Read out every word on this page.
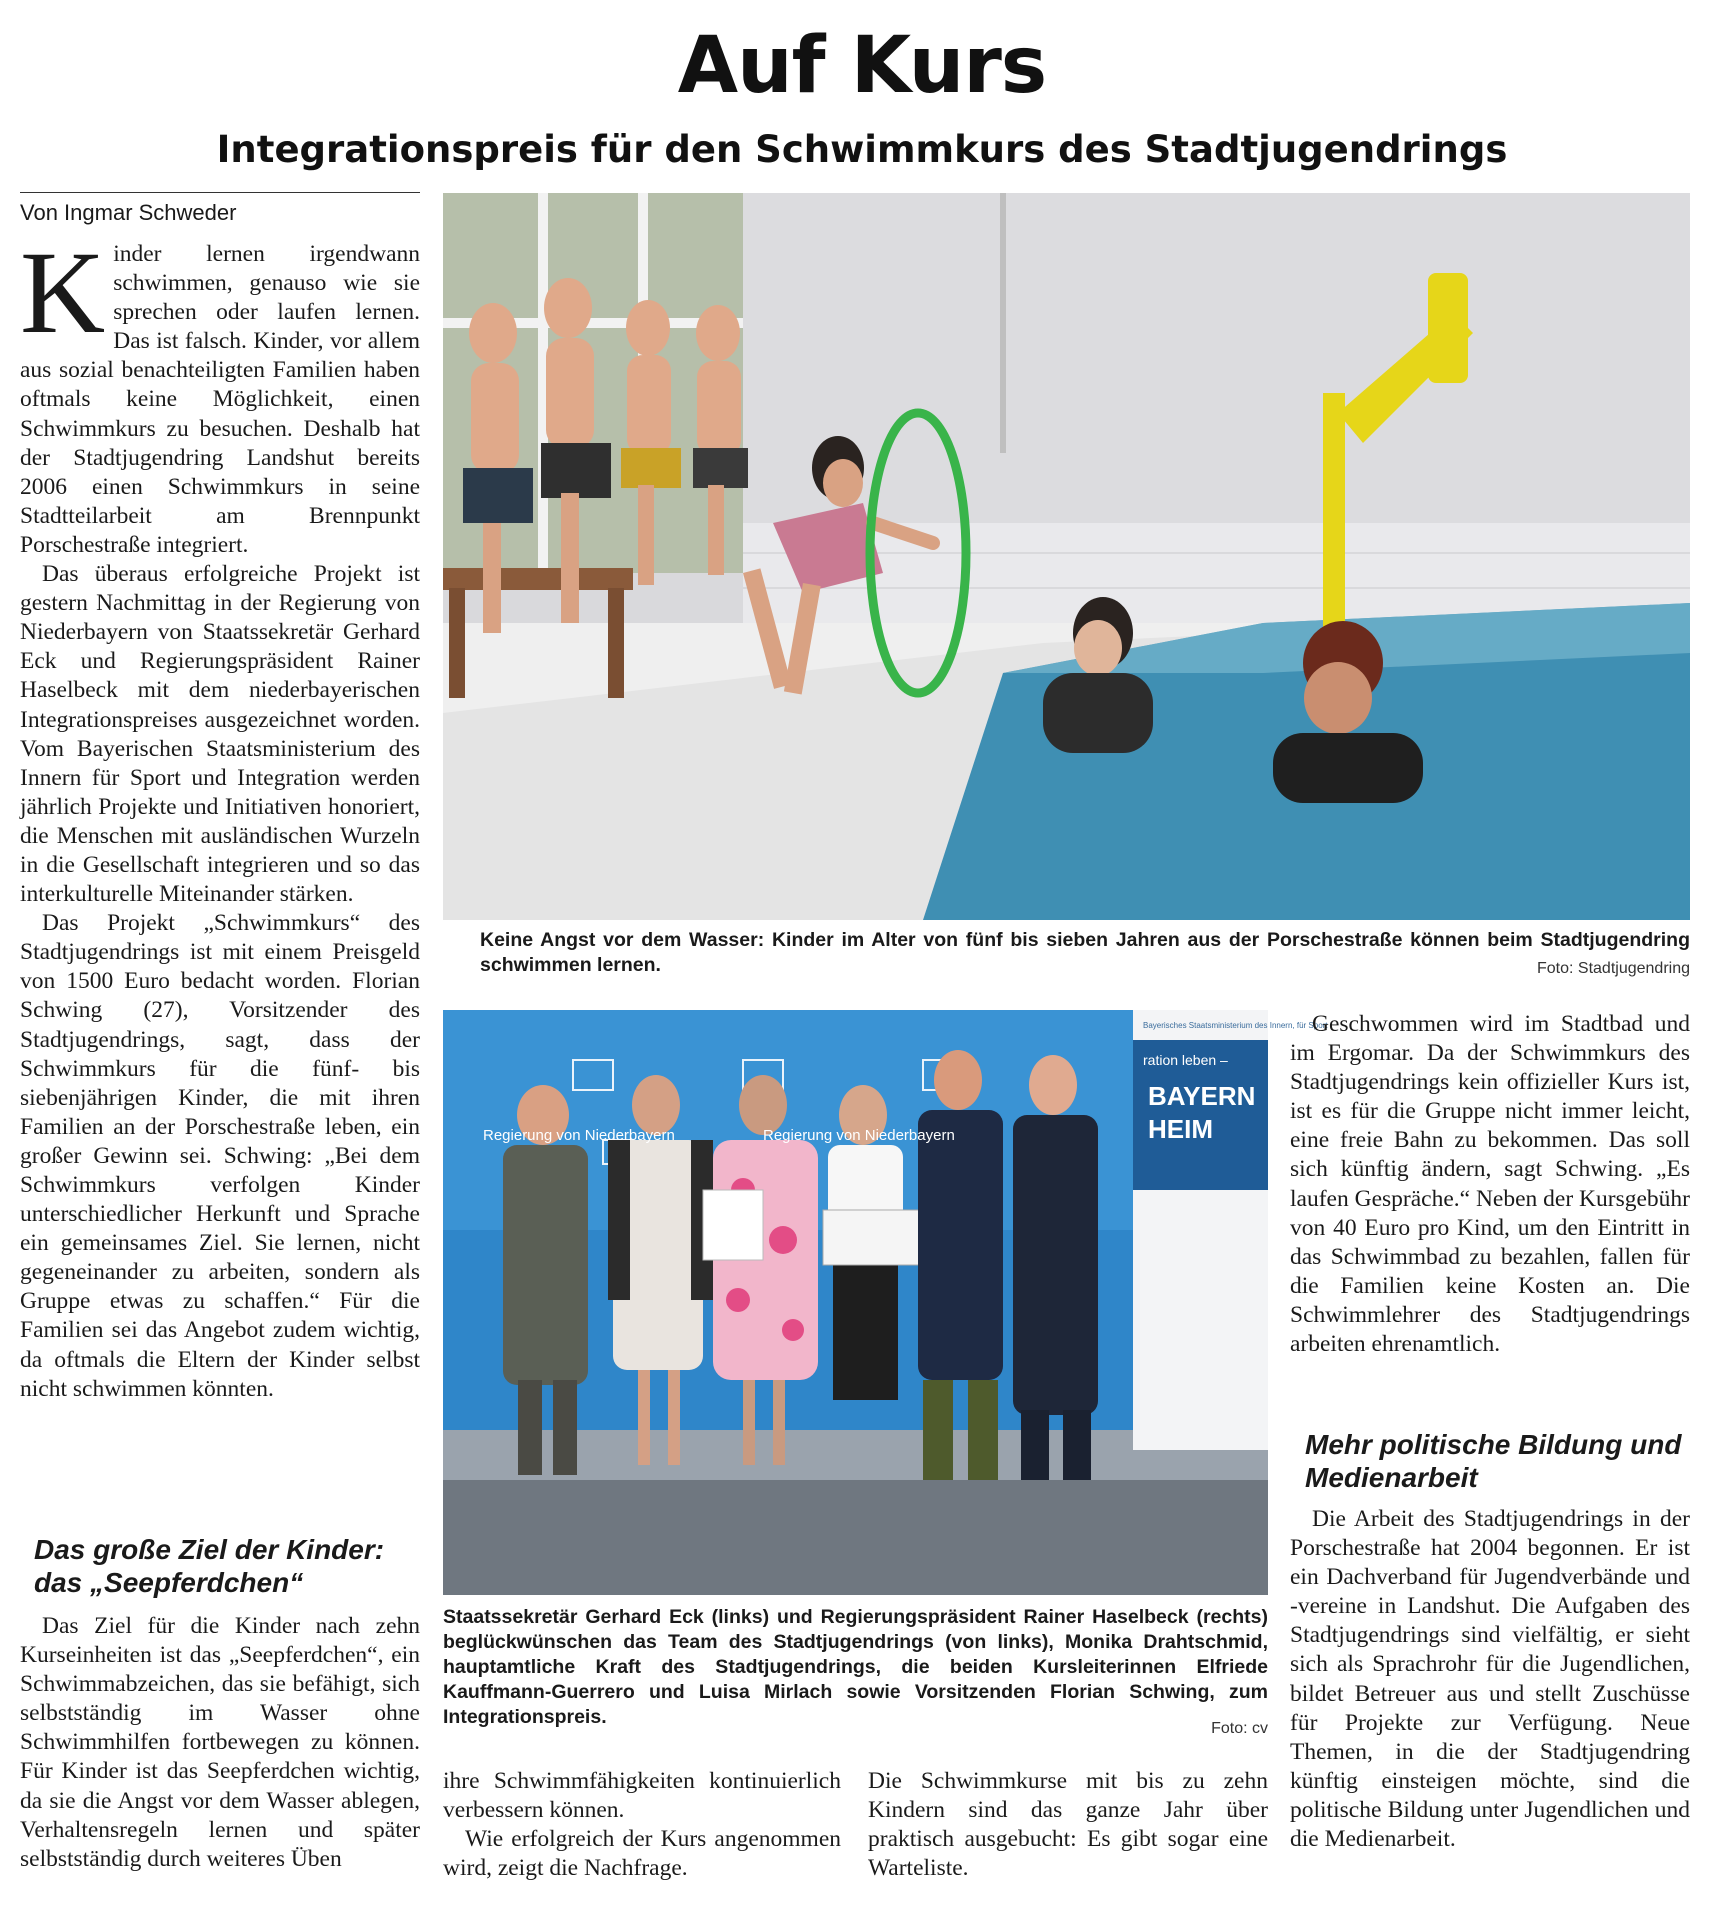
Auf Kurs
Integrationspreis für den Schwimmkurs des Stadtjugendrings
Von Ingmar Schweder

Kinder lernen irgendwann schwimmen, genauso wie sie sprechen oder laufen lernen. Das ist falsch. Kinder, vor allem aus sozial benachteiligten Familien haben oftmals keine Möglichkeit, einen Schwimmkurs zu besuchen. Deshalb hat der Stadtjugendring Landshut bereits 2006 einen Schwimmkurs in seine Stadtteilarbeit am Brennpunkt Porschestraße integriert.

Das überaus erfolgreiche Projekt ist gestern Nachmittag in der Regierung von Niederbayern von Staatssekretär Gerhard Eck und Regierungspräsident Rainer Haselbeck mit dem niederbayerischen Integrationspreises ausgezeichnet worden. Vom Bayerischen Staatsministerium des Innern für Sport und Integration werden jährlich Projekte und Initiativen honoriert, die Menschen mit ausländischen Wurzeln in die Gesellschaft integrieren und so das interkulturelle Miteinander stärken.

Das Projekt „Schwimmkurs“ des Stadtjugendrings ist mit einem Preisgeld von 1500 Euro bedacht worden. Florian Schwing (27), Vorsitzender des Stadtjugendrings, sagt, dass der Schwimmkurs für die fünf- bis siebenjährigen Kinder, die mit ihren Familien an der Porschestraße leben, ein großer Gewinn sei. Schwing: „Bei dem Schwimmkurs verfolgen Kinder unterschiedlicher Herkunft und Sprache ein gemeinsames Ziel. Sie lernen, nicht gegeneinander zu arbeiten, sondern als Gruppe etwas zu schaffen.“ Für die Familien sei das Angebot zudem wichtig, da oftmals die Eltern der Kinder selbst nicht schwimmen könnten.

Das große Ziel der Kinder: das „Seepferdchen“

Das Ziel für die Kinder nach zehn Kurseinheiten ist das „Seepferdchen“, ein Schwimmabzeichen, das sie befähigt, sich selbstständig im Wasser ohne Schwimmhilfen fortbewegen zu können. Für Kinder ist das Seepferdchen wichtig, da sie die Angst vor dem Wasser ablegen, Verhaltensregeln lernen und später selbstständig durch weiteres Üben

Keine Angst vor dem Wasser: Kinder im Alter von fünf bis sieben Jahren aus der Porschestraße können beim Stadtjugendring schwimmen lernen.	Foto: Stadtjugendring
Regierung von Niederbayern	Regierung von Niederbayern
ration leben –
BAYERN
HEIM
Bayerisches Staatsministerium des Innern, für Sport
Staatssekretär Gerhard Eck (links) und Regierungspräsident Rainer Haselbeck (rechts) beglückwünschen das Team des Stadtjugendrings (von links), Monika Drahtschmid, hauptamtliche Kraft des Stadtjugendrings, die beiden Kursleiterinnen Elfriede Kauffmann-Guerrero und Luisa Mirlach sowie Vorsitzenden Florian Schwing, zum Integrationspreis.
Foto: cv

ihre Schwimmfähigkeiten kontinuierlich verbessern können.

Wie erfolgreich der Kurs angenommen wird, zeigt die Nachfrage.

Die Schwimmkurse mit bis zu zehn Kindern sind das ganze Jahr über praktisch ausgebucht: Es gibt sogar eine Warteliste.

Geschwommen wird im Stadtbad und im Ergomar. Da der Schwimmkurs des Stadtjugendrings kein offizieller Kurs ist, ist es für die Gruppe nicht immer leicht, eine freie Bahn zu bekommen. Das soll sich künftig ändern, sagt Schwing. „Es laufen Gespräche.“ Neben der Kursgebühr von 40 Euro pro Kind, um den Eintritt in das Schwimmbad zu bezahlen, fallen für die Familien keine Kosten an. Die Schwimmlehrer des Stadtjugendrings arbeiten ehrenamtlich.

Mehr politische Bildung und Medienarbeit

Die Arbeit des Stadtjugendrings in der Porschestraße hat 2004 begonnen. Er ist ein Dachverband für Jugendverbände und -vereine in Landshut. Die Aufgaben des Stadtjugendrings sind vielfältig, er sieht sich als Sprachrohr für die Jugendlichen, bildet Betreuer aus und stellt Zuschüsse für Projekte zur Verfügung. Neue Themen, in die der Stadtjugendring künftig einsteigen möchte, sind die politische Bildung unter Jugendlichen und die Medienarbeit.
